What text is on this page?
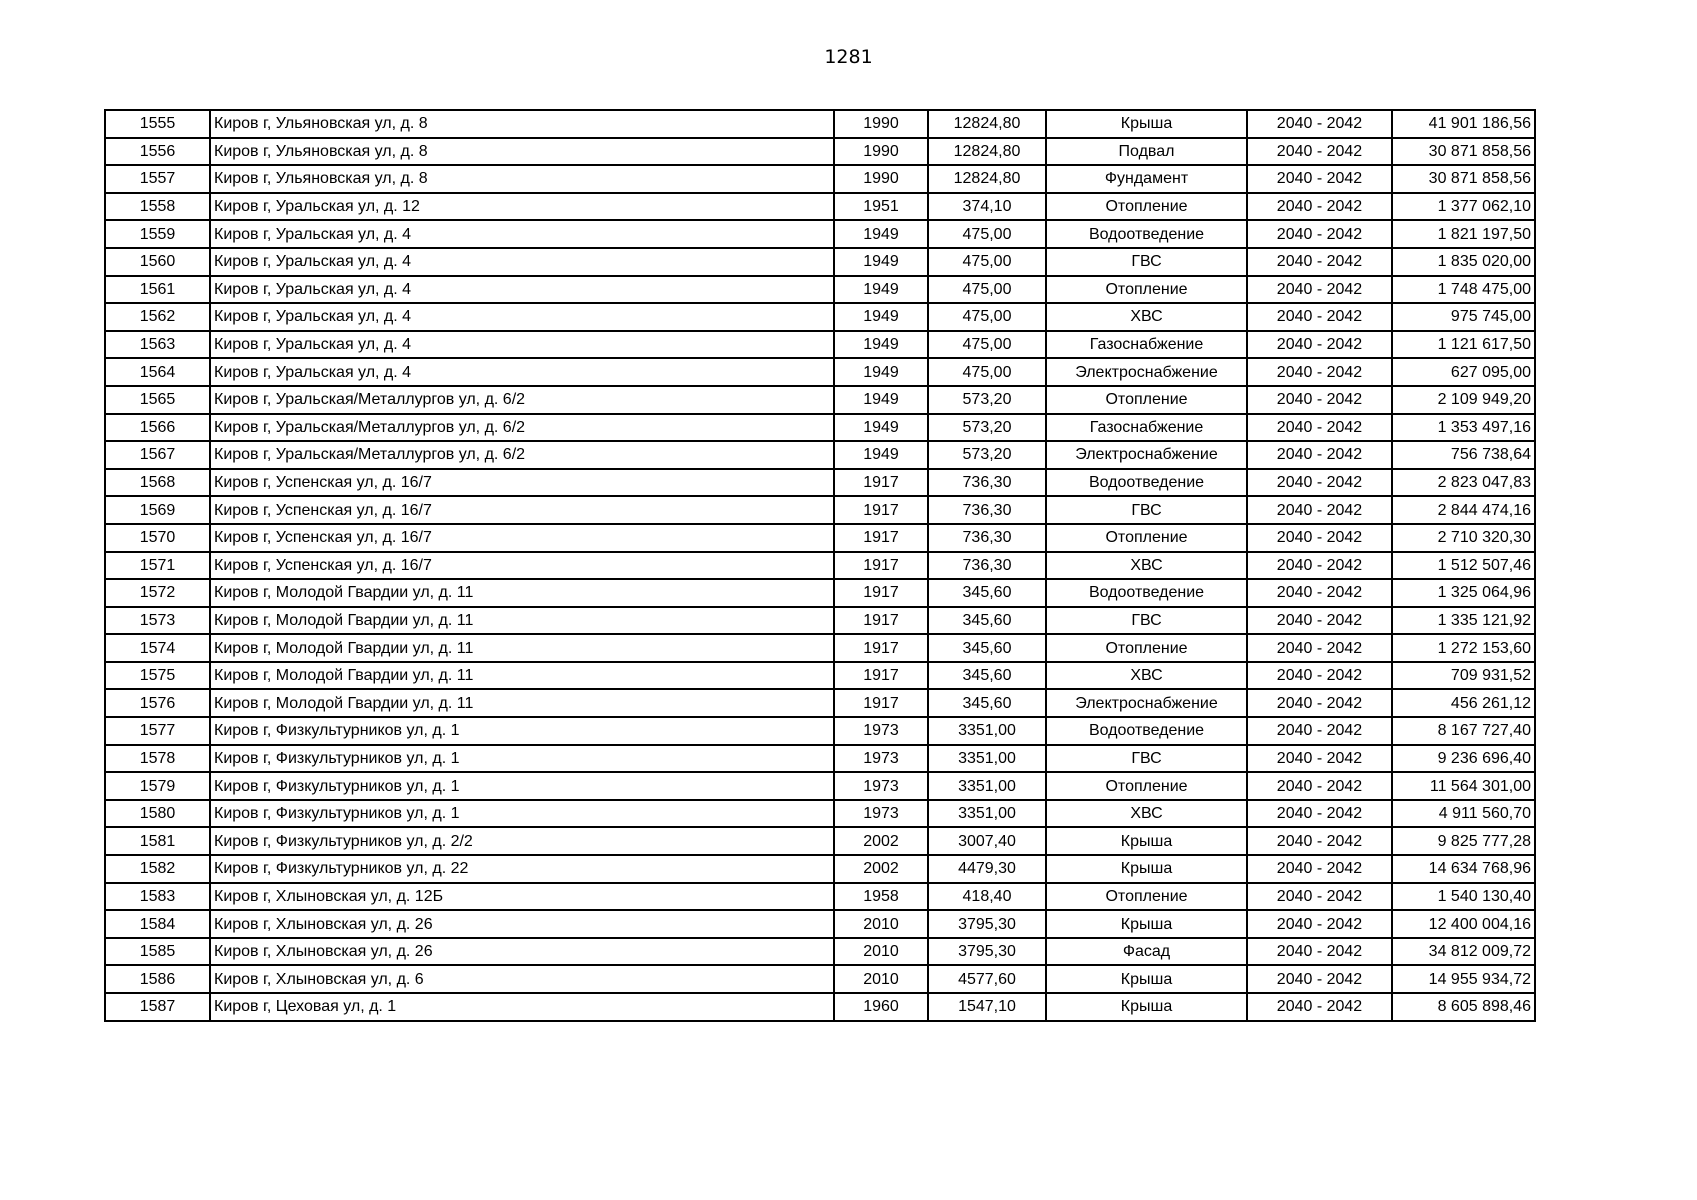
1281
1555	Киров г, Ульяновская ул, д. 8	1990	12824,80	Крыша	2040 - 2042	41 901 186,56
1556	Киров г, Ульяновская ул, д. 8	1990	12824,80	Подвал	2040 - 2042	30 871 858,56
1557	Киров г, Ульяновская ул, д. 8	1990	12824,80	Фундамент	2040 - 2042	30 871 858,56
1558	Киров г, Уральская ул, д. 12	1951	374,10	Отопление	2040 - 2042	1 377 062,10
1559	Киров г, Уральская ул, д. 4	1949	475,00	Водоотведение	2040 - 2042	1 821 197,50
1560	Киров г, Уральская ул, д. 4	1949	475,00	ГВС	2040 - 2042	1 835 020,00
1561	Киров г, Уральская ул, д. 4	1949	475,00	Отопление	2040 - 2042	1 748 475,00
1562	Киров г, Уральская ул, д. 4	1949	475,00	ХВС	2040 - 2042	975 745,00
1563	Киров г, Уральская ул, д. 4	1949	475,00	Газоснабжение	2040 - 2042	1 121 617,50
1564	Киров г, Уральская ул, д. 4	1949	475,00	Электроснабжение	2040 - 2042	627 095,00
1565	Киров г, Уральская/Металлургов ул, д. 6/2	1949	573,20	Отопление	2040 - 2042	2 109 949,20
1566	Киров г, Уральская/Металлургов ул, д. 6/2	1949	573,20	Газоснабжение	2040 - 2042	1 353 497,16
1567	Киров г, Уральская/Металлургов ул, д. 6/2	1949	573,20	Электроснабжение	2040 - 2042	756 738,64
1568	Киров г, Успенская ул, д. 16/7	1917	736,30	Водоотведение	2040 - 2042	2 823 047,83
1569	Киров г, Успенская ул, д. 16/7	1917	736,30	ГВС	2040 - 2042	2 844 474,16
1570	Киров г, Успенская ул, д. 16/7	1917	736,30	Отопление	2040 - 2042	2 710 320,30
1571	Киров г, Успенская ул, д. 16/7	1917	736,30	ХВС	2040 - 2042	1 512 507,46
1572	Киров г, Молодой Гвардии ул, д. 11	1917	345,60	Водоотведение	2040 - 2042	1 325 064,96
1573	Киров г, Молодой Гвардии ул, д. 11	1917	345,60	ГВС	2040 - 2042	1 335 121,92
1574	Киров г, Молодой Гвардии ул, д. 11	1917	345,60	Отопление	2040 - 2042	1 272 153,60
1575	Киров г, Молодой Гвардии ул, д. 11	1917	345,60	ХВС	2040 - 2042	709 931,52
1576	Киров г, Молодой Гвардии ул, д. 11	1917	345,60	Электроснабжение	2040 - 2042	456 261,12
1577	Киров г, Физкультурников ул, д. 1	1973	3351,00	Водоотведение	2040 - 2042	8 167 727,40
1578	Киров г, Физкультурников ул, д. 1	1973	3351,00	ГВС	2040 - 2042	9 236 696,40
1579	Киров г, Физкультурников ул, д. 1	1973	3351,00	Отопление	2040 - 2042	11 564 301,00
1580	Киров г, Физкультурников ул, д. 1	1973	3351,00	ХВС	2040 - 2042	4 911 560,70
1581	Киров г, Физкультурников ул, д. 2/2	2002	3007,40	Крыша	2040 - 2042	9 825 777,28
1582	Киров г, Физкультурников ул, д. 22	2002	4479,30	Крыша	2040 - 2042	14 634 768,96
1583	Киров г, Хлыновская ул, д. 12Б	1958	418,40	Отопление	2040 - 2042	1 540 130,40
1584	Киров г, Хлыновская ул, д. 26	2010	3795,30	Крыша	2040 - 2042	12 400 004,16
1585	Киров г, Хлыновская ул, д. 26	2010	3795,30	Фасад	2040 - 2042	34 812 009,72
1586	Киров г, Хлыновская ул, д. 6	2010	4577,60	Крыша	2040 - 2042	14 955 934,72
1587	Киров г, Цеховая ул, д. 1	1960	1547,10	Крыша	2040 - 2042	8 605 898,46
